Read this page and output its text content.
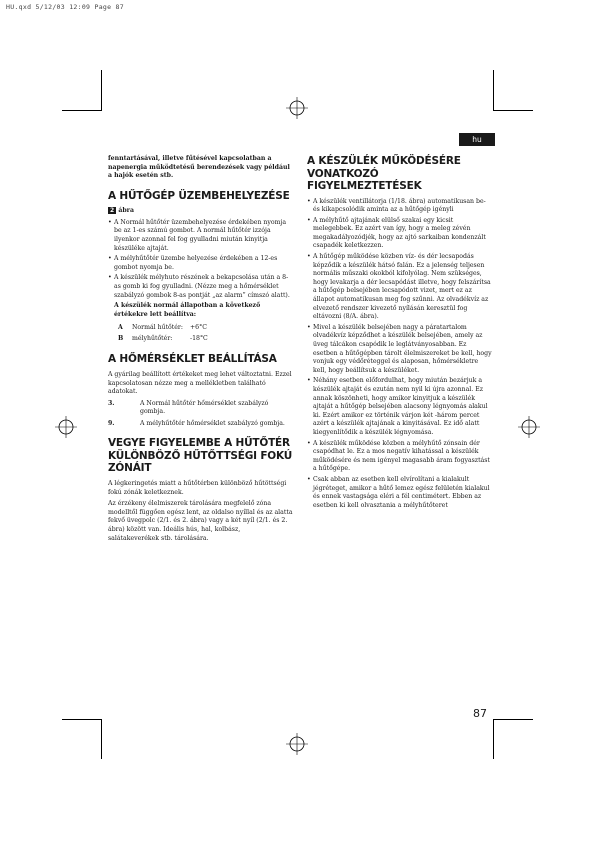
HU.qxd 5/12/03 12:09 Page 87
hu

fenntartásával, illetve fűtésével kapcsolatban a napenergia működtetésű berendezések vagy például a hajók esetén stb.

A HŰTŐGÉP ÜZEMBEHELYEZÉSE

2 ábra

• A Normál hűtőtér üzembehelyezése érdekében nyomja be az 1-es számú gombot. A normál hűtőtér izzója ilyenkor azonnal fel fog gyulladni miután kinyitja készüléke ajtaját.
• A mélyhűtőtér üzembe helyezése érdekében a 12-es gombot nyomja be.
• A készülék mélyhuto részének a bekapcsolása után a 8-as gomb ki fog gyulladni. (Nézze meg a hőmérséklet szabályzó gombok 8-as pontját „az alarm” címszó alatt).

A készülék normál állapotban a következő értékekre lett beállítva:

A Normál hűtőtér: +6°C
B mélyhűtőtér:	-18°C
A HŐMÉRSÉKLET BEÁLLÍTÁSA

A gyárilag beállított értékeket meg lehet változtatni. Ezzel kapcsolatosan nézze meg a mellékletben található adatokat.

3.	A Normál hűtőtér hőmérséklet szabályzó gombja.
9.	A mélyhűtőtér hőmérséklet szabályzó gombja.
VEGYE FIGYELEMBE A HŰTŐTÉR KÜLÖNBÖZŐ HŰTŐTTSÉGI FOKÚ ZÓNÁIT

A légkeringetés miatt a hűtőtérben különböző hűtöttségi fokú zónák keletkeznek.

Az érzékeny élelmiszerek tárolására megfelelő zóna modelltől függően egész lent, az oldalso nyíllal és az alatta fekvő üvegpolc (2/1. és 2. ábra) vagy a két nyíl (2/1. és 2. ábra) között van. Ideális hús, hal, kolbász, salátakeverékek stb. tárolására.

A KÉSZÜLÉK MŰKÖDÉSÉRE VONATKOZÓ FIGYELMEZTETÉSEK
• A készülék ventillátorja (1/18. ábra) automatikusan be- és kikapcsolódik aminta az a hűtőgép igényli
• A mélyhűtő ajtajának elülső szakai egy kicsit melegebbek. Ez azért van így, hogy a meleg zévén megakadályozódjék, hogy az ajtó sarkaiban kondenzált csapadék keletkezzen.
• A hűtőgép működése közben víz- és dér lecsapodás képződik a készülék hátsó falán. Ez a jelenség teljesen normális műszaki okokból kifolyólag. Nem szükséges, hogy levakarja a dér lecsapódást illetve, hogy felszárítsa a hűtőgép belsejében lecsapódott vizet, mert ez az állapot automatikusan meg fog szűnni. Az olvadékvíz az elvezető rendszer kivezető nyílásán keresztül fog eltávozni (8/A. ábra).
• Mivel a készülék belsejében nagy a páratartalom olvadékvíz képződhet a készülék belsejében, amely az üveg tálcákon csapódik le leglátványosabban. Ez esetben a hűtőgépben tárolt élelmiszereket be kell, hogy vonjuk egy védőréteggel és alaposan, hőmérsékletre kell, hogy beállítsuk a készüléket.
• Néhány esetben előfordulhat, hogy miután bezárjuk a készülék ajtaját és ezután nem nyil ki újra azonnal. Ez annak köszönheti, hogy amikor kinyitjuk a készülék ajtaját a hűtőgép belsejében alacsony légnyomás alakul ki. Ezért amikor ez történik várjon két -három percet azért a készülék ajtajának a kinyitásával. Ez idő alatt kiegyenlítődik a készülék légnyomása.
• A készülék működése közben a mélyhűtő zónsain dér csapódhat le. Ez a mos negatív kihatással a készülék működésére és nem igényel magasabb áram fogyasztást a hűtőgépe.
• Csak abban az esetben kell elvírolítani a kialakult jégréteget, amikor a hűtő lemez egész felületén kialakul és ennek vastagsága eléri a fél centimétert. Ebben az esetben ki kell olvasztania a mélyhűtőteret
87
